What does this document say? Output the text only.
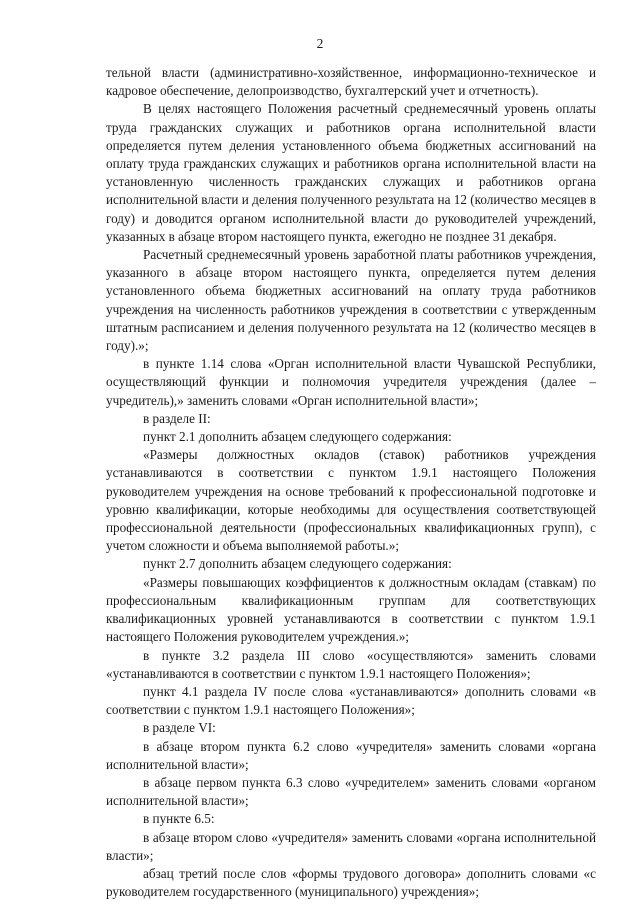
2

тельной власти (административно-хозяйственное, информационно-техническое и кадровое обеспечение, делопроизводство, бухгалтерский учет и отчетность).

В целях настоящего Положения расчетный среднемесячный уровень оплаты труда гражданских служащих и работников органа исполнительной власти определяется путем деления установленного объема бюджетных ассигнований на оплату труда гражданских служащих и работников органа исполнительной власти на установленную численность гражданских служащих и работников органа исполнительной власти и деления полученного результата на 12 (количество месяцев в году) и доводится органом исполнительной власти до руководителей учреждений, указанных в абзаце втором настоящего пункта, ежегодно не позднее 31 декабря.

Расчетный среднемесячный уровень заработной платы работников учреждения, указанного в абзаце втором настоящего пункта, определяется путем деления установленного объема бюджетных ассигнований на оплату труда работников учреждения на численность работников учреждения в соответствии с утвержденным штатным расписанием и деления полученного результата на 12 (количество месяцев в году).»;

в пункте 1.14 слова «Орган исполнительной власти Чувашской Республики, осуществляющий функции и полномочия учредителя учреждения (далее – учредитель),» заменить словами «Орган исполнительной власти»;

в разделе II:

пункт 2.1 дополнить абзацем следующего содержания:

«Размеры должностных окладов (ставок) работников учреждения устанавливаются в соответствии с пунктом 1.9.1 настоящего Положения руководителем учреждения на основе требований к профессиональной подготовке и уровню квалификации, которые необходимы для осуществления соответствующей профессиональной деятельности (профессиональных квалификационных групп), с учетом сложности и объема выполняемой работы.»;

пункт 2.7 дополнить абзацем следующего содержания:

«Размеры повышающих коэффициентов к должностным окладам (ставкам) по профессиональным квалификационным группам для соответствующих квалификационных уровней устанавливаются в соответствии с пунктом 1.9.1 настоящего Положения руководителем учреждения.»;

в пункте 3.2 раздела III слово «осуществляются» заменить словами «устанавливаются в соответствии с пунктом 1.9.1 настоящего Положения»;

пункт 4.1 раздела IV после слова «устанавливаются» дополнить словами «в соответствии с пунктом 1.9.1 настоящего Положения»;

в разделе VI:

в абзаце втором пункта 6.2 слово «учредителя» заменить словами «органа исполнительной власти»;

в абзаце первом пункта 6.3 слово «учредителем» заменить словами «органом исполнительной власти»;

в пункте 6.5:

в абзаце втором слово «учредителя» заменить словами «органа исполнительной власти»;

абзац третий после слов «формы трудового договора» дополнить словами «с руководителем государственного (муниципального) учреждения»;
